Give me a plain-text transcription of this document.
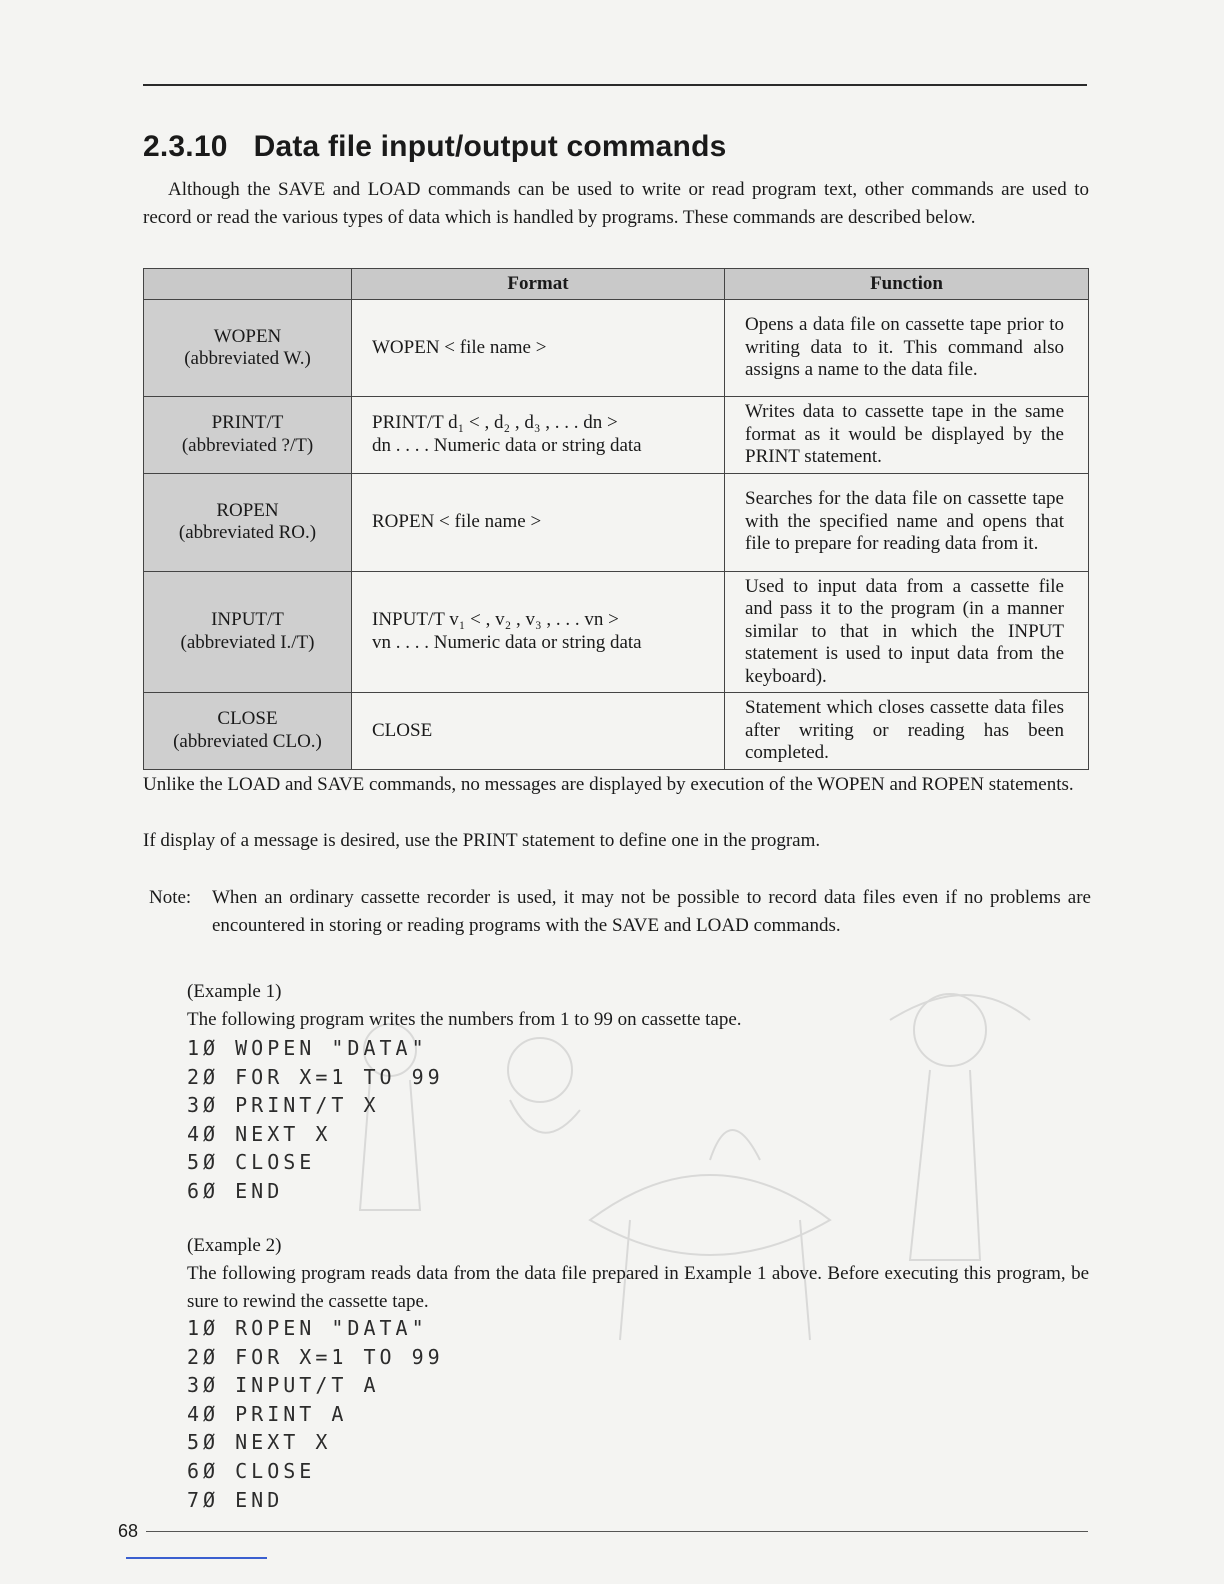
2.3.10 Data file input/output commands

Although the SAVE and LOAD commands can be used to write or read program text, other commands are used to record or read the various types of data which is handled by programs. These commands are described below.

	Format	Function

WOPEN
(abbreviated W.)	WOPEN < file name >	Opens a data file on cassette tape prior to writing data to it. This command also assigns a name to the data file.

PRINT/T
(abbreviated ?/T)	PRINT/T d₁ < , d₂ , d₃ , . . . dn >
dn . . . . Numeric data or string data	Writes data to cassette tape in the same format as it would be displayed by the PRINT statement.

ROPEN
(abbreviated RO.)	ROPEN < file name >	Searches for the data file on cassette tape with the specified name and opens that file to prepare for reading data from it.

INPUT/T
(abbreviated I./T)	INPUT/T v₁ < , v₂ , v₃ , . . . vn >
vn . . . . Numeric data or string data	Used to input data from a cassette file and pass it to the program (in a manner similar to that in which the INPUT statement is used to input data from the keyboard).

CLOSE
(abbreviated CLO.)	CLOSE	Statement which closes cassette data files after writing or reading has been completed.

Unlike the LOAD and SAVE commands, no messages are displayed by execution of the WOPEN and ROPEN statements.

If display of a message is desired, use the PRINT statement to define one in the program.

Note: When an ordinary cassette recorder is used, it may not be possible to record data files even if no problems are encountered in storing or reading programs with the SAVE and LOAD commands.
(Example 1)
The following program writes the numbers from 1 to 99 on cassette tape.
1Ø WOPEN "DATA"
2Ø FOR X=1 TO 99
3Ø PRINT/T X
4Ø NEXT X
5Ø CLOSE
6Ø END
(Example 2)
The following program reads data from the data file prepared in Example 1 above. Before executing this program, be sure to rewind the cassette tape.
1Ø ROPEN "DATA"
2Ø FOR X=1 TO 99
3Ø INPUT/T A
4Ø PRINT A
5Ø NEXT X
6Ø CLOSE
7Ø END
68
